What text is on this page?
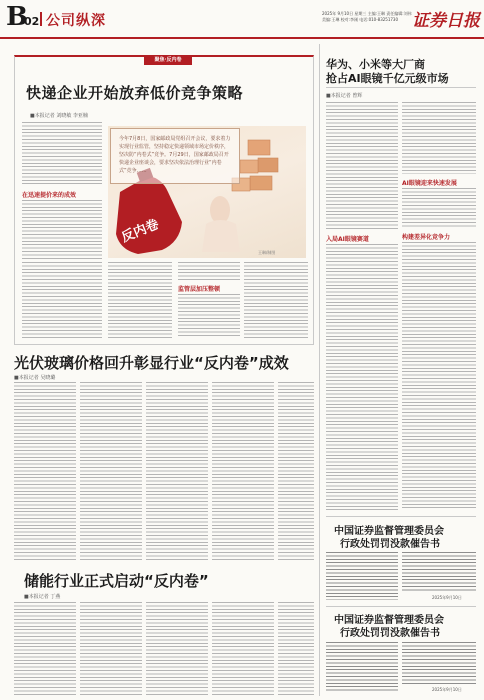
B
02 公司纵深	2025年 9月10日 星期三 主编:王琳 责任编辑:刘伟 美编:王琳 校对:李刚 电话:010-83251730 证券日报
聚焦·反内卷
快递企业开始放弃低价竞争策略
■本报记者 刘晓敏 李亚楠
在迅速提价来的成效
今年7月8日，国家邮政局党组召开会议，要求着力实现行业监管，坚持稳定快递领域市场定价秩序，坚决防“内卷式”竞争。7月29日，国家邮政局召开快递企业座谈会，要求坚决依法治理行业“内卷式”竞争……
反内卷
王琳/制图
监管层加压整顿
光伏玻璃价格回升彰显行业“反内卷”成效
■本报记者 吴晓璐
储能行业正式启动“反内卷”
■本报记者 丁燕
华为、小米等大厂商
抢占AI眼镜千亿元级市场
■本报记者 曾辉
入局AI眼镜赛道
AI眼镜迎来快速发展
构建差异化竞争力
中国证券监督管理委员会
行政处罚罚没款催告书
2025年9月10日
中国证券监督管理委员会
行政处罚罚没款催告书
2025年9月10日
